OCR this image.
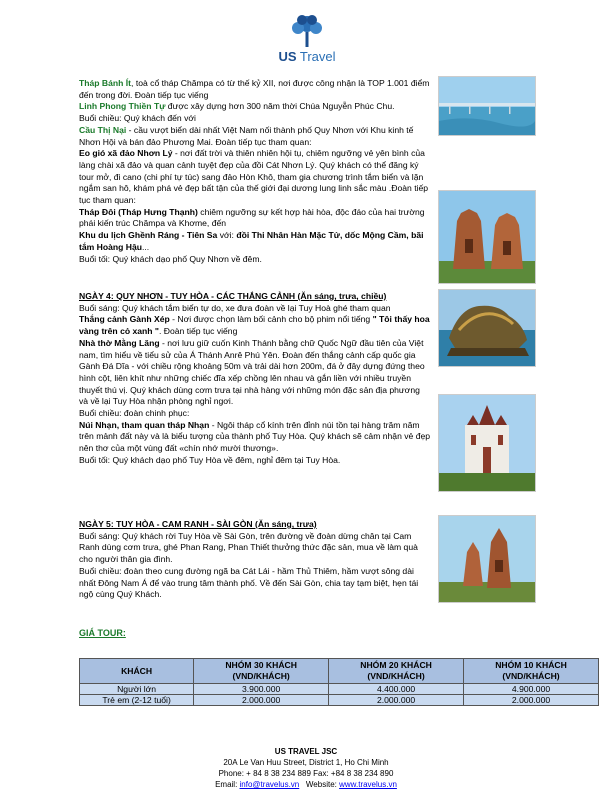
US Travel

Tháp Bánh Ít, toà cổ tháp Chămpa có từ thế kỷ XII, nơi được công nhận là TOP 1.001 điểm đến trong đời. Đoàn tiếp tục viếng

Linh Phong Thiền Tự được xây dựng hơn 300 năm thời Chúa Nguyễn Phúc Chu.

Buổi chiều: Quý khách đến với

Cầu Thị Nại - cầu vượt biển dài nhất Việt Nam nối thành phố Quy Nhơn với Khu kinh tế Nhơn Hội và bán đảo Phương Mai. Đoàn tiếp tục tham quan:

Eo gió xã đảo Nhơn Lý - nơi đất trời và thiên nhiên hội tụ, chiêm ngưỡng vẻ yên bình của làng chài xã đảo và quan cảnh tuyệt đẹp của đồi Cát Nhơn Lý. Quý khách có thể đăng ký tour mở, đi cano (chi phí tự túc) sang đảo Hòn Khô, tham gia chương trình tắm biển và lặn ngắm san hô, khám phá vẻ đẹp bất tận của thế giới đại dương lung linh sắc màu .Đoàn tiếp tục tham quan:

Tháp Đôi (Tháp Hưng Thạnh) chiêm ngưỡng sự kết hợp hài hòa, độc đáo của hai trường phái kiến trúc Chămpa và Khơme, đến

Khu du lịch Ghềnh Ráng - Tiên Sa với: đồi Thi Nhân Hàn Mặc Tử, dốc Mộng Cầm, bãi tắm Hoàng Hậu...

Buổi tối: Quý khách dạo phố Quy Nhơn về đêm.

NGÀY 4: QUY NHƠN - TUY HÒA - CÁC THẮNG CẢNH (Ăn sáng, trưa, chiều)

Buổi sáng: Quý khách tắm biển tự do, xe đưa đoàn về lại Tuy Hoà ghé tham quan

Thắng cảnh Gành Xép - Nơi được chọn làm bối cảnh cho bộ phim nổi tiếng " Tôi thấy hoa vàng trên cỏ xanh ". Đoàn tiếp tục viếng

Nhà thờ Mằng Lăng - nơi lưu giữ cuốn Kinh Thánh bằng chữ Quốc Ngữ đầu tiên của Việt nam, tìm hiểu về tiểu sử của Á Thánh Anrê Phú Yên. Đoàn đến thắng cảnh cấp quốc gia Gành Đá Dĩa - với chiều rộng khoảng 50m và trải dài hơn 200m, đá ở đây dựng đứng theo hình cột, liên khít như những chiếc đĩa xếp chồng lên nhau và gắn liền với nhiều truyền thuyết thú vị. Quý khách dùng cơm trưa tại nhà hàng với những món đặc sản địa phương và về lại Tuy Hòa nhận phòng nghỉ ngơi.

Buổi chiều: đoàn chinh phục:

Núi Nhạn, tham quan tháp Nhạn - Ngôi tháp cổ kính trên đỉnh núi tồn tại hàng trăm năm trên mảnh đất này và là biểu tượng của thành phố Tuy Hòa. Quý khách sẽ cảm nhận vẻ đẹp nên thơ của một vùng đất «chín nhớ mười thương».

Buổi tối: Quý khách dạo phố Tuy Hòa về đêm, nghỉ đêm tại Tuy Hòa.

NGÀY 5: TUY HÒA - CAM RANH - SÀI GÒN (Ăn sáng, trưa)

Buổi sáng: Quý khách rời Tuy Hòa về Sài Gòn, trên đường về đoàn dừng chân tại Cam Ranh dùng cơm trưa, ghé Phan Rang, Phan Thiết thưởng thức đặc sản, mua về làm quà cho người thân gia đình.

Buổi chiều: đoàn theo cung đường ngã ba Cát Lái - hầm Thủ Thiêm, hầm vượt sông dài nhất Đông Nam Á để vào trung tâm thành phố. Về đến Sài Gòn, chia tay tạm biệt, hẹn tái ngộ cùng Quý Khách.

GIÁ TOUR:
KHÁCH	NHÓM 30 KHÁCH (VND/KHÁCH)	NHÓM 20 KHÁCH (VND/KHÁCH)	NHÓM 10 KHÁCH (VND/KHÁCH)
Người lớn	3.900.000	4.400.000	4.900.000
Trẻ em (2-12 tuổi)	2.000.000	2.000.000	2.000.000
US TRAVEL JSC
20A Le Van Huu Street, District 1, Ho Chi Minh
Phone: + 84 8 38 234 889 Fax: +84 8 38 234 890
Email: info@travelus.vn   Website: www.travelus.vn
